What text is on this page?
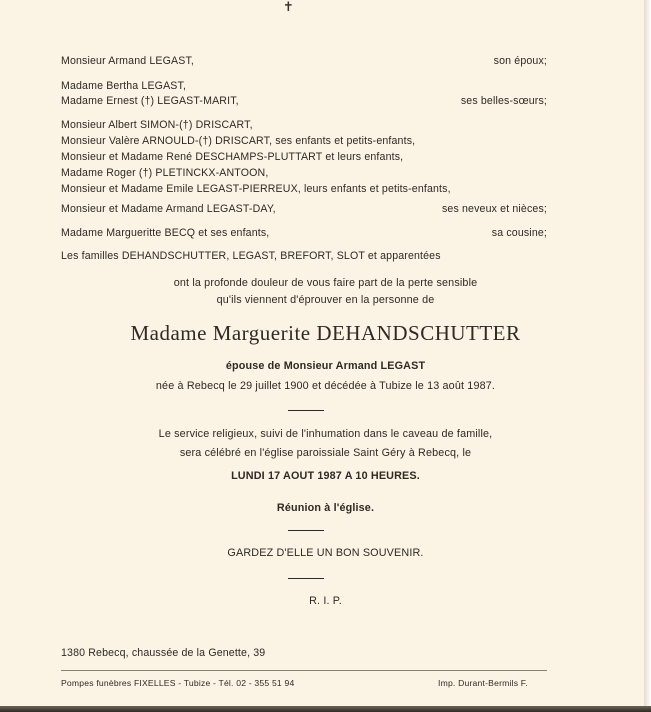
✝
Monsieur Armand LEGAST,	son époux;
Madame Bertha LEGAST,
Madame Ernest (†) LEGAST-MARIT,	ses belles-sœurs;
Monsieur Albert SIMON-(†) DRISCART,
Monsieur Valère ARNOULD-(†) DRISCART, ses enfants et petits-enfants,
Monsieur et Madame René DESCHAMPS-PLUTTART et leurs enfants,
Madame Roger (†) PLETINCKX-ANTOON,
Monsieur et Madame Emile LEGAST-PIERREUX, leurs enfants et petits-enfants,
Monsieur et Madame Armand LEGAST-DAY,	ses neveux et nièces;
Madame Margueritte BECQ et ses enfants,	sa cousine;
Les familles DEHANDSCHUTTER, LEGAST, BREFORT, SLOT et apparentées
ont la profonde douleur de vous faire part de la perte sensible
qu'ils viennent d'éprouver en la personne de
Madame Marguerite DEHANDSCHUTTER
épouse de Monsieur Armand LEGAST
née à Rebecq le 29 juillet 1900 et décédée à Tubize le 13 août 1987.
Le service religieux, suivi de l'inhumation dans le caveau de famille,
sera célébré en l'église paroissiale Saint Géry à Rebecq, le
LUNDI 17 AOUT 1987 A 10 HEURES.
Réunion à l'église.
GARDEZ D'ELLE UN BON SOUVENIR.
R. I. P.
1380 Rebecq, chaussée de la Genette, 39
Pompes funèbres FIXELLES - Tubize - Tél. 02 - 355 51 94	Imp. Durant-Bermils F.
